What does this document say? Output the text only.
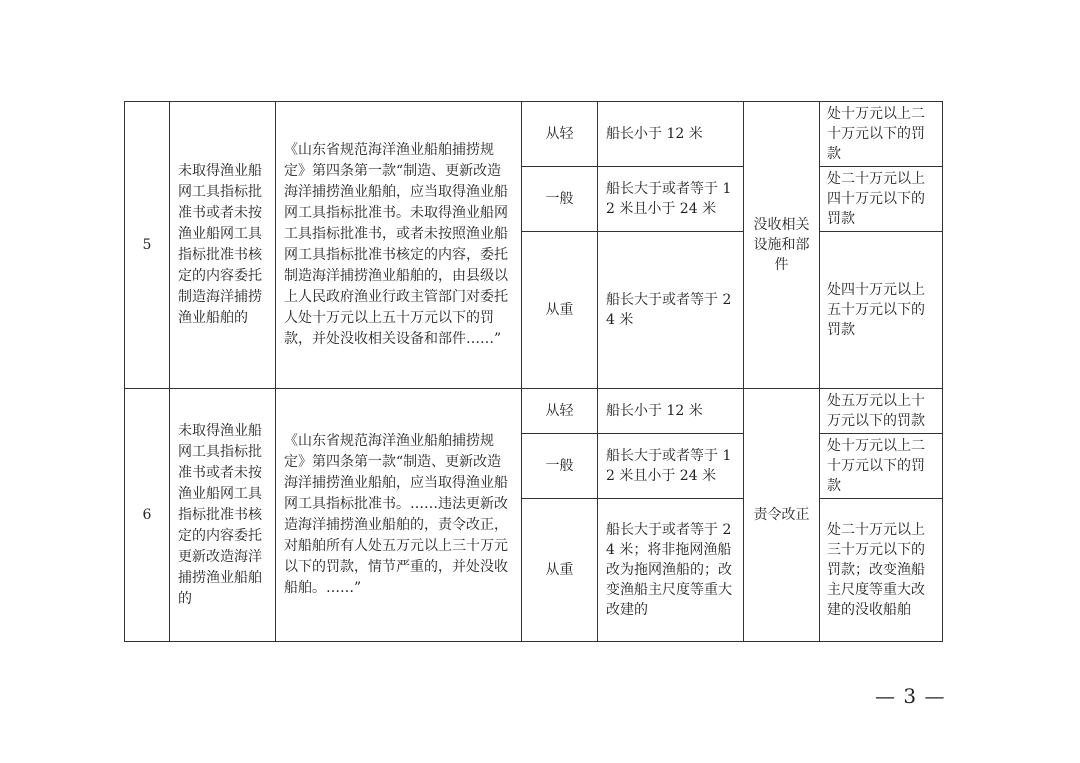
5	未取得渔业船网工具指标批准书或者未按渔业船网工具指标批准书核定的内容委托制造海洋捕捞渔业船舶的	《山东省规范海洋渔业船舶捕捞规定》第四条第一款“制造、更新改造海洋捕捞渔业船舶，应当取得渔业船网工具指标批准书。未取得渔业船网工具指标批准书，或者未按照渔业船网工具指标批准书核定的内容，委托制造海洋捕捞渔业船舶的，由县级以上人民政府渔业行政主管部门对委托人处十万元以上五十万元以下的罚款，并处没收相关设备和部件……”	从轻	船长小于 12 米	没收相关设施和部件	处十万元以上二十万元以下的罚款
			一般	船长大于或者等于 12 米且小于 24 米		处二十万元以上四十万元以下的罚款
			从重	船长大于或者等于 24 米		处四十万元以上五十万元以下的罚款
6	未取得渔业船网工具指标批准书或者未按渔业船网工具指标批准书核定的内容委托更新改造海洋捕捞渔业船舶的	《山东省规范海洋渔业船舶捕捞规定》第四条第一款“制造、更新改造海洋捕捞渔业船舶，应当取得渔业船网工具指标批准书。……违法更新改造海洋捕捞渔业船舶的，责令改正，对船舶所有人处五万元以上三十万元以下的罚款，情节严重的，并处没收船舶。……”	从轻	船长小于 12 米	责令改正	处五万元以上十万元以下的罚款
			一般	船长大于或者等于 12 米且小于 24 米		处十万元以上二十万元以下的罚款
			从重	船长大于或者等于 24 米；将非拖网渔船改为拖网渔船的；改变渔船主尺度等重大改建的		处二十万元以上三十万元以下的罚款；改变渔船主尺度等重大改建的没收船舶
— 3 —
